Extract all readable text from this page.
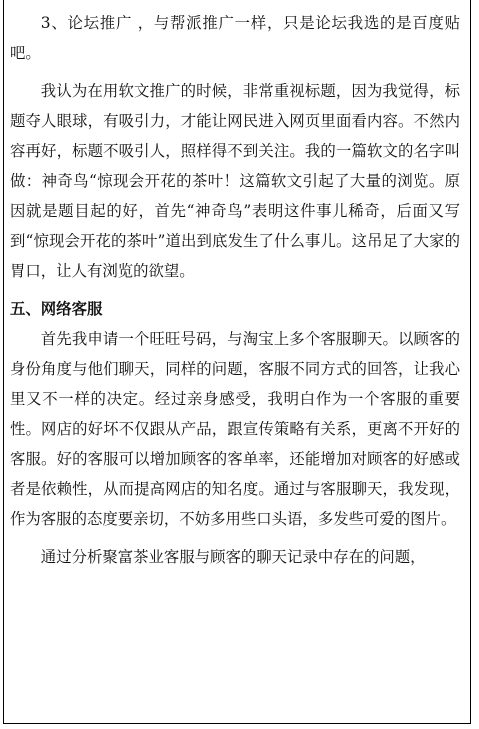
3、论坛推广 ，与帮派推广一样，只是论坛我选的是百度贴吧。

我认为在用软文推广的时候，非常重视标题，因为我觉得，标题夺人眼球，有吸引力，才能让网民进入网页里面看内容。不然内容再好，标题不吸引人，照样得不到关注。我的一篇软文的名字叫做：神奇鸟“惊现会开花的茶叶！这篇软文引起了大量的浏览。原因就是题目起的好，首先“神奇鸟”表明这件事儿稀奇，后面又写到“惊现会开花的茶叶”道出到底发生了什么事儿。这吊足了大家的胃口，让人有浏览的欲望。

五、网络客服

首先我申请一个旺旺号码，与淘宝上多个客服聊天。以顾客的身份角度与他们聊天，同样的问题，客服不同方式的回答，让我心里又不一样的决定。经过亲身感受，我明白作为一个客服的重要性。网店的好坏不仅跟从产品，跟宣传策略有关系，更离不开好的客服。好的客服可以增加顾客的客单率，还能增加对顾客的好感或者是依赖性，从而提高网店的知名度。通过与客服聊天，我发现，作为客服的态度要亲切，不妨多用些口头语，多发些可爱的图片。

通过分析聚富茶业客服与顾客的聊天记录中存在的问题，
